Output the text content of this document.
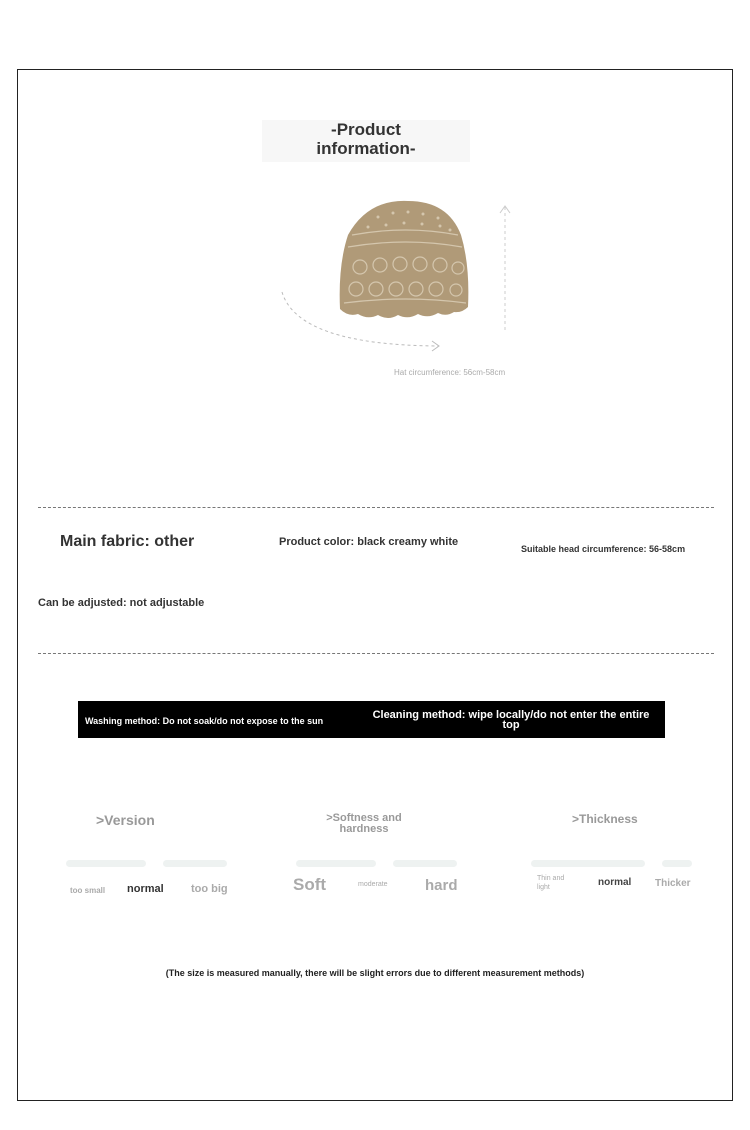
-Product
information-
Hat circumference: 56cm-58cm
Main fabric: other	Product color: black creamy white
Suitable head circumference: 56-58cm
Can be adjusted: not adjustable
Washing method: Do not soak/do not expose to the sun	Cleaning method: wipe locally/do not enter the entire top
>Version
too small normal too big
>Softness and hardness
Soft	moderate hard
>Thickness
Thin and light	normal Thicker
(The size is measured manually, there will be slight errors due to different measurement methods)
